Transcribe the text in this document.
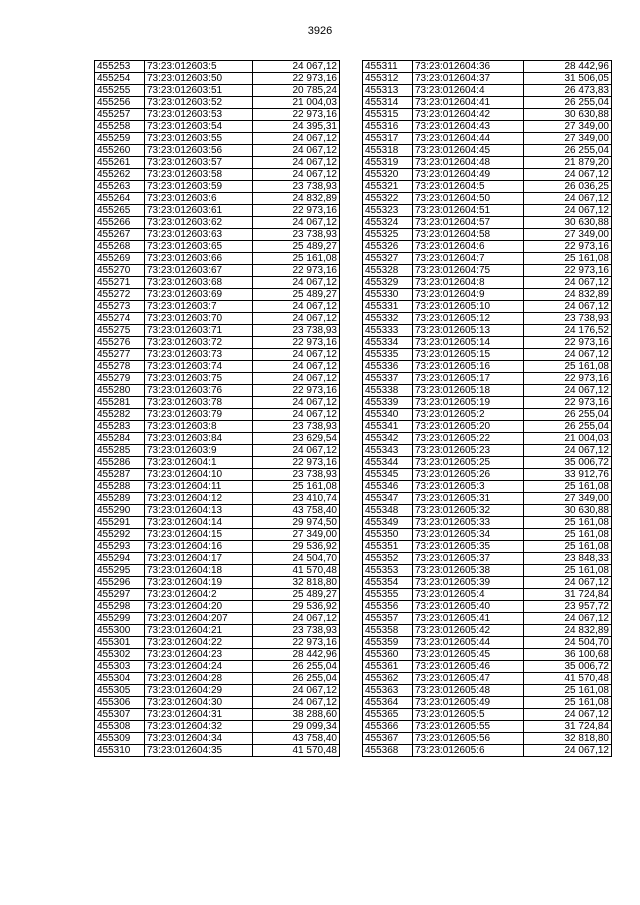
3926
455253	73:23:012603:5	24 067,12
455254	73:23:012603:50	22 973,16
455255	73:23:012603:51	20 785,24
455256	73:23:012603:52	21 004,03
455257	73:23:012603:53	22 973,16
455258	73:23:012603:54	24 395,31
455259	73:23:012603:55	24 067,12
455260	73:23:012603:56	24 067,12
455261	73:23:012603:57	24 067,12
455262	73:23:012603:58	24 067,12
455263	73:23:012603:59	23 738,93
455264	73:23:012603:6	24 832,89
455265	73:23:012603:61	22 973,16
455266	73:23:012603:62	24 067,12
455267	73:23:012603:63	23 738,93
455268	73:23:012603:65	25 489,27
455269	73:23:012603:66	25 161,08
455270	73:23:012603:67	22 973,16
455271	73:23:012603:68	24 067,12
455272	73:23:012603:69	25 489,27
455273	73:23:012603:7	24 067,12
455274	73:23:012603:70	24 067,12
455275	73:23:012603:71	23 738,93
455276	73:23:012603:72	22 973,16
455277	73:23:012603:73	24 067,12
455278	73:23:012603:74	24 067,12
455279	73:23:012603:75	24 067,12
455280	73:23:012603:76	22 973,16
455281	73:23:012603:78	24 067,12
455282	73:23:012603:79	24 067,12
455283	73:23:012603:8	23 738,93
455284	73:23:012603:84	23 629,54
455285	73:23:012603:9	24 067,12
455286	73:23:012604:1	22 973,16
455287	73:23:012604:10	23 738,93
455288	73:23:012604:11	25 161,08
455289	73:23:012604:12	23 410,74
455290	73:23:012604:13	43 758,40
455291	73:23:012604:14	29 974,50
455292	73:23:012604:15	27 349,00
455293	73:23:012604:16	29 536,92
455294	73:23:012604:17	24 504,70
455295	73:23:012604:18	41 570,48
455296	73:23:012604:19	32 818,80
455297	73:23:012604:2	25 489,27
455298	73:23:012604:20	29 536,92
455299	73:23:012604:207	24 067,12
455300	73:23:012604:21	23 738,93
455301	73:23:012604:22	22 973,16
455302	73:23:012604:23	28 442,96
455303	73:23:012604:24	26 255,04
455304	73:23:012604:28	26 255,04
455305	73:23:012604:29	24 067,12
455306	73:23:012604:30	24 067,12
455307	73:23:012604:31	38 288,60
455308	73:23:012604:32	29 099,34
455309	73:23:012604:34	43 758,40
455310	73:23:012604:35	41 570,48
455311	73:23:012604:36	28 442,96
455312	73:23:012604:37	31 506,05
455313	73:23:012604:4	26 473,83
455314	73:23:012604:41	26 255,04
455315	73:23:012604:42	30 630,88
455316	73:23:012604:43	27 349,00
455317	73:23:012604:44	27 349,00
455318	73:23:012604:45	26 255,04
455319	73:23:012604:48	21 879,20
455320	73:23:012604:49	24 067,12
455321	73:23:012604:5	26 036,25
455322	73:23:012604:50	24 067,12
455323	73:23:012604:51	24 067,12
455324	73:23:012604:57	30 630,88
455325	73:23:012604:58	27 349,00
455326	73:23:012604:6	22 973,16
455327	73:23:012604:7	25 161,08
455328	73:23:012604:75	22 973,16
455329	73:23:012604:8	24 067,12
455330	73:23:012604:9	24 832,89
455331	73:23:012605:10	24 067,12
455332	73:23:012605:12	23 738,93
455333	73:23:012605:13	24 176,52
455334	73:23:012605:14	22 973,16
455335	73:23:012605:15	24 067,12
455336	73:23:012605:16	25 161,08
455337	73:23:012605:17	22 973,16
455338	73:23:012605:18	24 067,12
455339	73:23:012605:19	22 973,16
455340	73:23:012605:2	26 255,04
455341	73:23:012605:20	26 255,04
455342	73:23:012605:22	21 004,03
455343	73:23:012605:23	24 067,12
455344	73:23:012605:25	35 006,72
455345	73:23:012605:26	33 912,76
455346	73:23:012605:3	25 161,08
455347	73:23:012605:31	27 349,00
455348	73:23:012605:32	30 630,88
455349	73:23:012605:33	25 161,08
455350	73:23:012605:34	25 161,08
455351	73:23:012605:35	25 161,08
455352	73:23:012605:37	23 848,33
455353	73:23:012605:38	25 161,08
455354	73:23:012605:39	24 067,12
455355	73:23:012605:4	31 724,84
455356	73:23:012605:40	23 957,72
455357	73:23:012605:41	24 067,12
455358	73:23:012605:42	24 832,89
455359	73:23:012605:44	24 504,70
455360	73:23:012605:45	36 100,68
455361	73:23:012605:46	35 006,72
455362	73:23:012605:47	41 570,48
455363	73:23:012605:48	25 161,08
455364	73:23:012605:49	25 161,08
455365	73:23:012605:5	24 067,12
455366	73:23:012605:55	31 724,84
455367	73:23:012605:56	32 818,80
455368	73:23:012605:6	24 067,12
